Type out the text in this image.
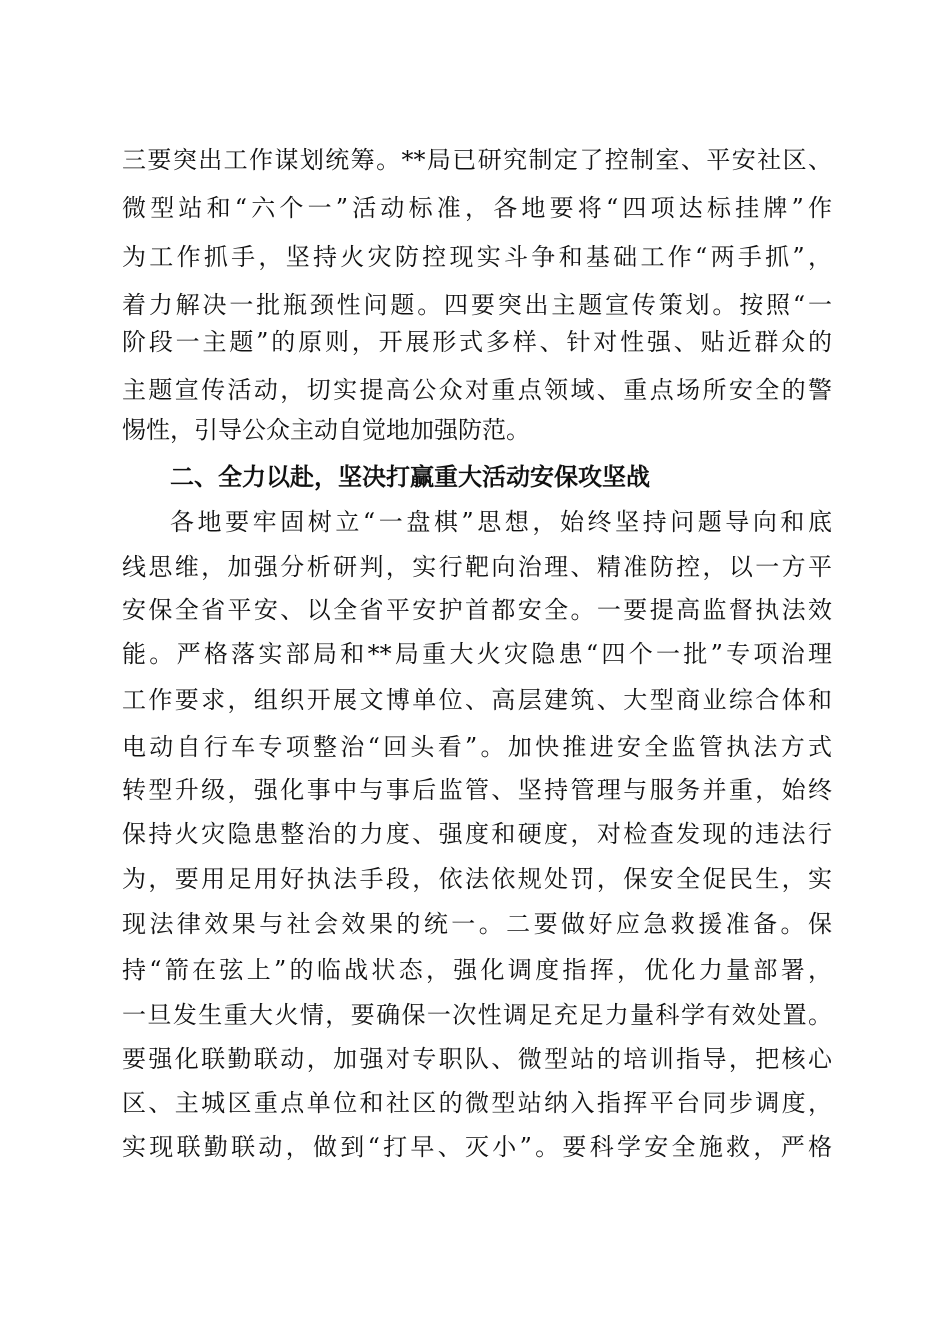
三要突出工作谋划统筹。**局已研究制定了控制室、平安社区、
微型站和“六个一”活动标准，各地要将“四项达标挂牌”作
为工作抓手，坚持火灾防控现实斗争和基础工作“两手抓”，
着力解决一批瓶颈性问题。四要突出主题宣传策划。按照“一
阶段一主题”的原则，开展形式多样、针对性强、贴近群众的
主题宣传活动，切实提高公众对重点领域、重点场所安全的警
惕性，引导公众主动自觉地加强防范。
二、全力以赴，坚决打赢重大活动安保攻坚战
各地要牢固树立“一盘棋”思想，始终坚持问题导向和底
线思维，加强分析研判，实行靶向治理、精准防控，以一方平
安保全省平安、以全省平安护首都安全。一要提高监督执法效
能。严格落实部局和**局重大火灾隐患“四个一批”专项治理
工作要求，组织开展文博单位、高层建筑、大型商业综合体和
电动自行车专项整治“回头看”。加快推进安全监管执法方式
转型升级，强化事中与事后监管、坚持管理与服务并重，始终
保持火灾隐患整治的力度、强度和硬度，对检查发现的违法行
为，要用足用好执法手段，依法依规处罚，保安全促民生，实
现法律效果与社会效果的统一。二要做好应急救援准备。保
持“箭在弦上”的临战状态，强化调度指挥，优化力量部署，
一旦发生重大火情，要确保一次性调足充足力量科学有效处置。
要强化联勤联动，加强对专职队、微型站的培训指导，把核心
区、主城区重点单位和社区的微型站纳入指挥平台同步调度，
实现联勤联动，做到“打早、灭小”。要科学安全施救，严格
